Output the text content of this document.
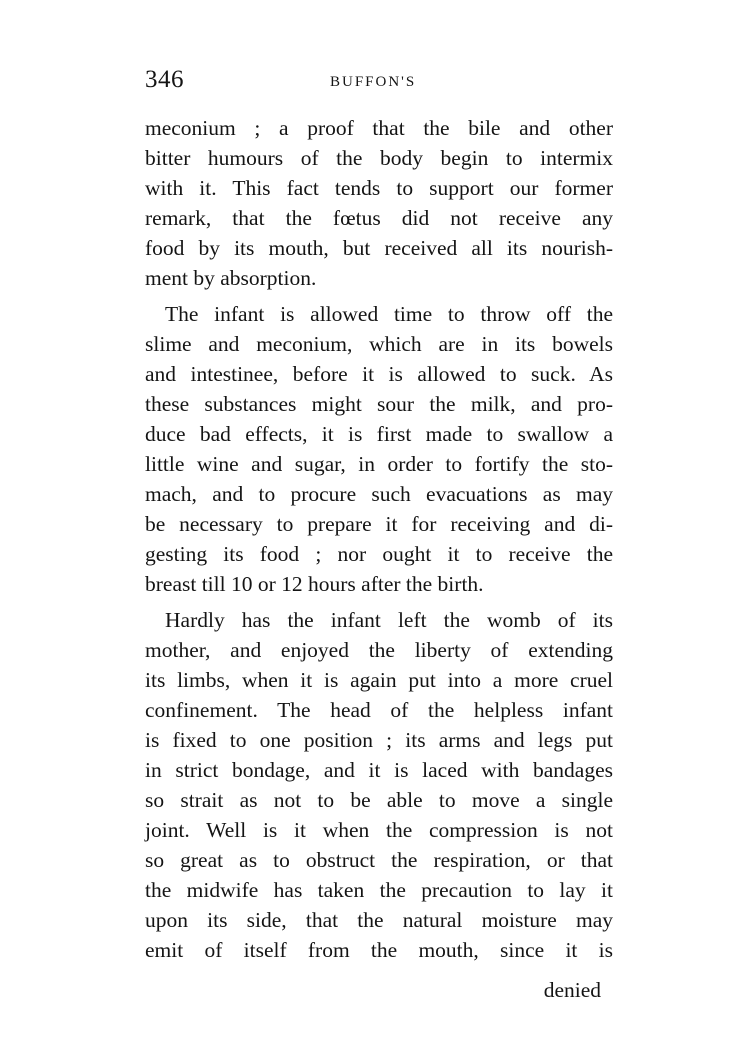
346	BUFFON'S
meconium ; a proof that the bile and other
bitter humours of the body begin to intermix
with it. This fact tends to support our former
remark, that the fœtus did not receive any
food by its mouth, but received all its nourish-
ment by absorption.
The infant is allowed time to throw off the
slime and meconium, which are in its bowels
and intestinee, before it is allowed to suck. As
these substances might sour the milk, and pro-
duce bad effects, it is first made to swallow a
little wine and sugar, in order to fortify the sto-
mach, and to procure such evacuations as may
be necessary to prepare it for receiving and di-
gesting its food ; nor ought it to receive the
breast till 10 or 12 hours after the birth.
Hardly has the infant left the womb of its
mother, and enjoyed the liberty of extending
its limbs, when it is again put into a more cruel
confinement. The head of the helpless infant
is fixed to one position ; its arms and legs put
in strict bondage, and it is laced with bandages
so strait as not to be able to move a single
joint. Well is it when the compression is not
so great as to obstruct the respiration, or that
the midwife has taken the precaution to lay it
upon its side, that the natural moisture may
emit of itself from the mouth, since it is
denied
